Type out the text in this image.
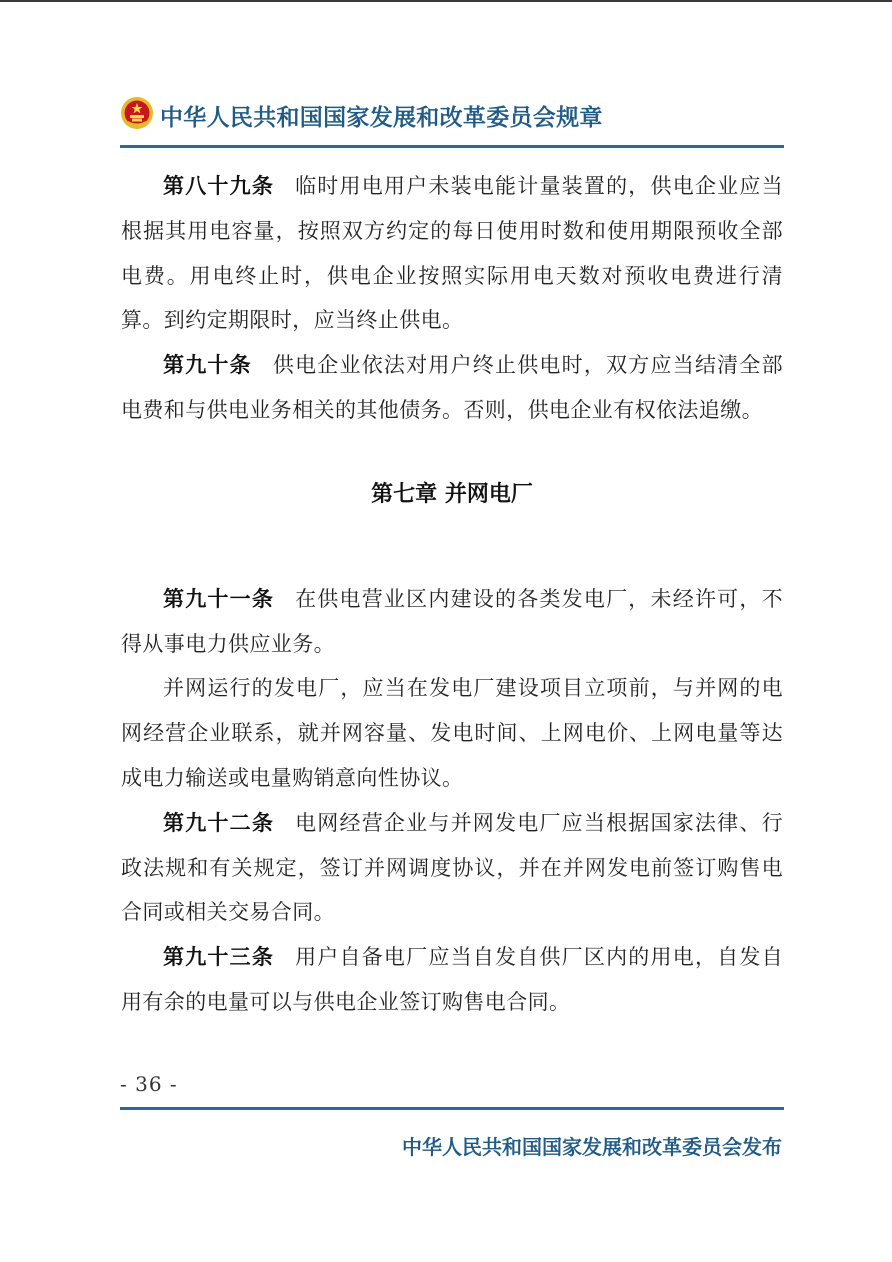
中华人民共和国国家发展和改革委员会规章

第八十九条 临时用电用户未装电能计量装置的，供电企业应当根据其用电容量，按照双方约定的每日使用时数和使用期限预收全部电费。用电终止时，供电企业按照实际用电天数对预收电费进行清算。到约定期限时，应当终止供电。

第九十条 供电企业依法对用户终止供电时，双方应当结清全部电费和与供电业务相关的其他债务。否则，供电企业有权依法追缴。

第七章 并网电厂

第九十一条 在供电营业区内建设的各类发电厂，未经许可，不得从事电力供应业务。

并网运行的发电厂，应当在发电厂建设项目立项前，与并网的电网经营企业联系，就并网容量、发电时间、上网电价、上网电量等达成电力输送或电量购销意向性协议。

第九十二条 电网经营企业与并网发电厂应当根据国家法律、行政法规和有关规定，签订并网调度协议，并在并网发电前签订购售电合同或相关交易合同。

第九十三条 用户自备电厂应当自发自供厂区内的用电，自发自用有余的电量可以与供电企业签订购售电合同。

- 36 -
中华人民共和国国家发展和改革委员会发布
